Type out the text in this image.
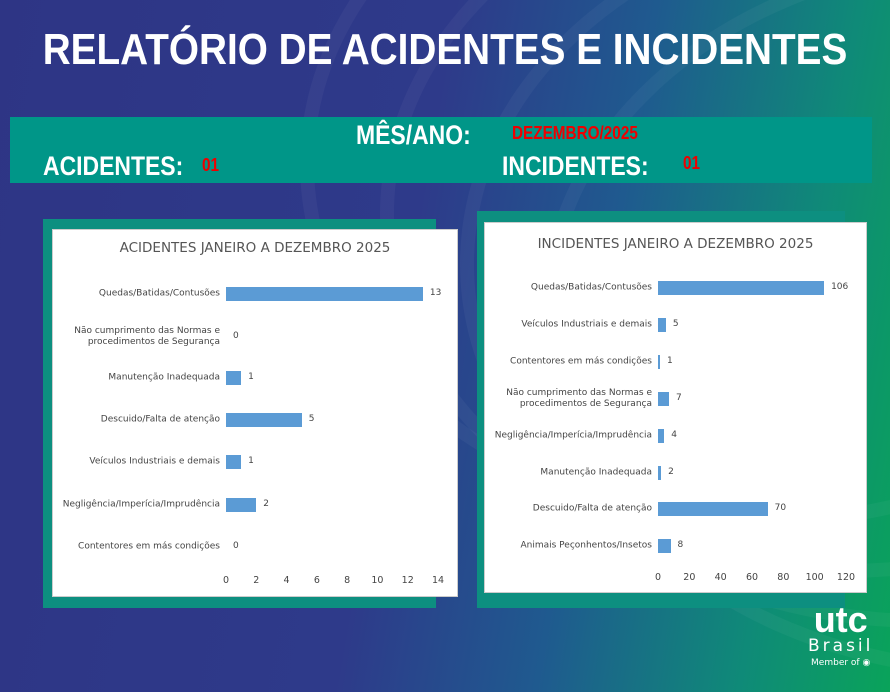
RELATÓRIO DE ACIDENTES E INCIDENTES
MÊS/ANO: DEZEMBRO/2025
ACIDENTES: 01	INCIDENTES: 01
ACIDENTES JANEIRO A DEZEMBRO 2025
Quedas/Batidas/Contusões	13
Não cumprimento das Normas e procedimentos de Segurança
0
Manutenção Inadequada	1
Descuido/Falta de atenção	5
Veículos Industriais e demais	1
Negligência/Imperícia/Imprudência	2
Contentores em más condições 0
0	2	4	6	8 10 12 14
INCIDENTES JANEIRO A DEZEMBRO 2025
Quedas/Batidas/Contusões	106
Veículos Industriais e demais 5
Contentores em más condições 1
Não cumprimento das Normas e procedimentos de Segurança
7
Negligência/Imperícia/Imprudência 4
Manutenção Inadequada 2
Descuido/Falta de atenção	70
Animais Peçonhentos/Insetos	8
0 20 40 60 80 100 120
utc
Brasil
Member of ◉
